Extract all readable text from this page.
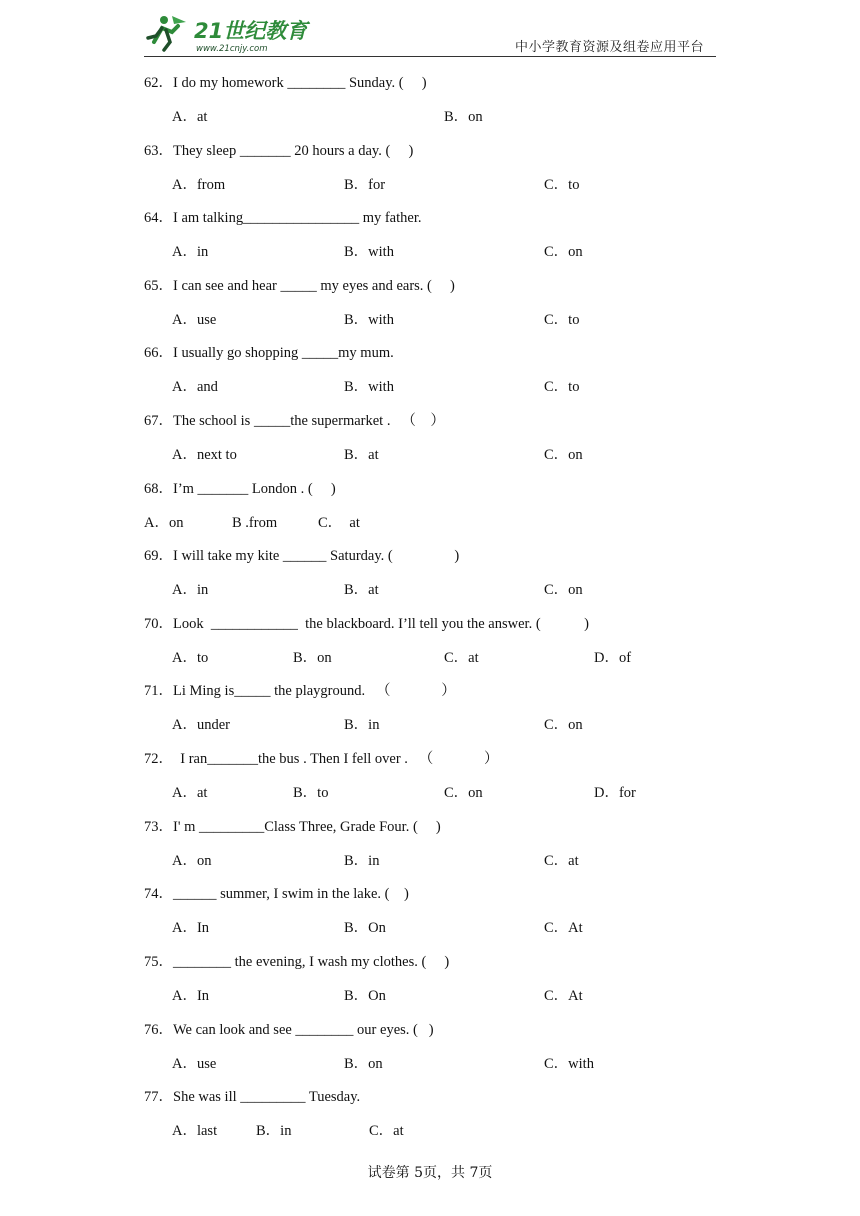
21世纪教育
www.21cnjy.com	中小学教育资源及组卷应用平台
62．I do my homework ________ Sunday. (     )
A．at	B．on
63．They sleep _______ 20 hours a day. (     )
A．from	B．for	C．to
64．I am talking________________ my father.
A．in	B．with	C．on
65．I can see and hear _____ my eyes and ears. (     )
A．use	B．with	C．to
66．I usually go shopping _____my mum.
A．and	B．with	C．to
67．The school is _____the supermarket .   （    ）
A．next to	B．at	C．on
68．I’m _______ London . (     )
A．on	B .from	C．  at
69．I will take my kite ______ Saturday. (                 )
A．in	B．at	C．on
70．Look  ____________  the blackboard. I’ll tell you the answer. (            )
A．to	B．on	C．at	D．of
71．Li Ming is_____ the playground.   （              ）
A．under	B．in	C．on
72．  I ran_______the bus . Then I fell over .   （              ）
A．at	B．to	C．on	D．for
73．I' m _________Class Three, Grade Four. (     )
A．on	B．in	C．at
74．______ summer, I swim in the lake. (    )
A．In	B．On	C．At
75．________ the evening, I wash my clothes. (     )
A．In	B．On	C．At
76．We can look and see ________ our eyes. (   )
A．use	B．on	C．with
77．She was ill _________ Tuesday.
A．last	B．in	C．at
试卷第 5页，共 7页
